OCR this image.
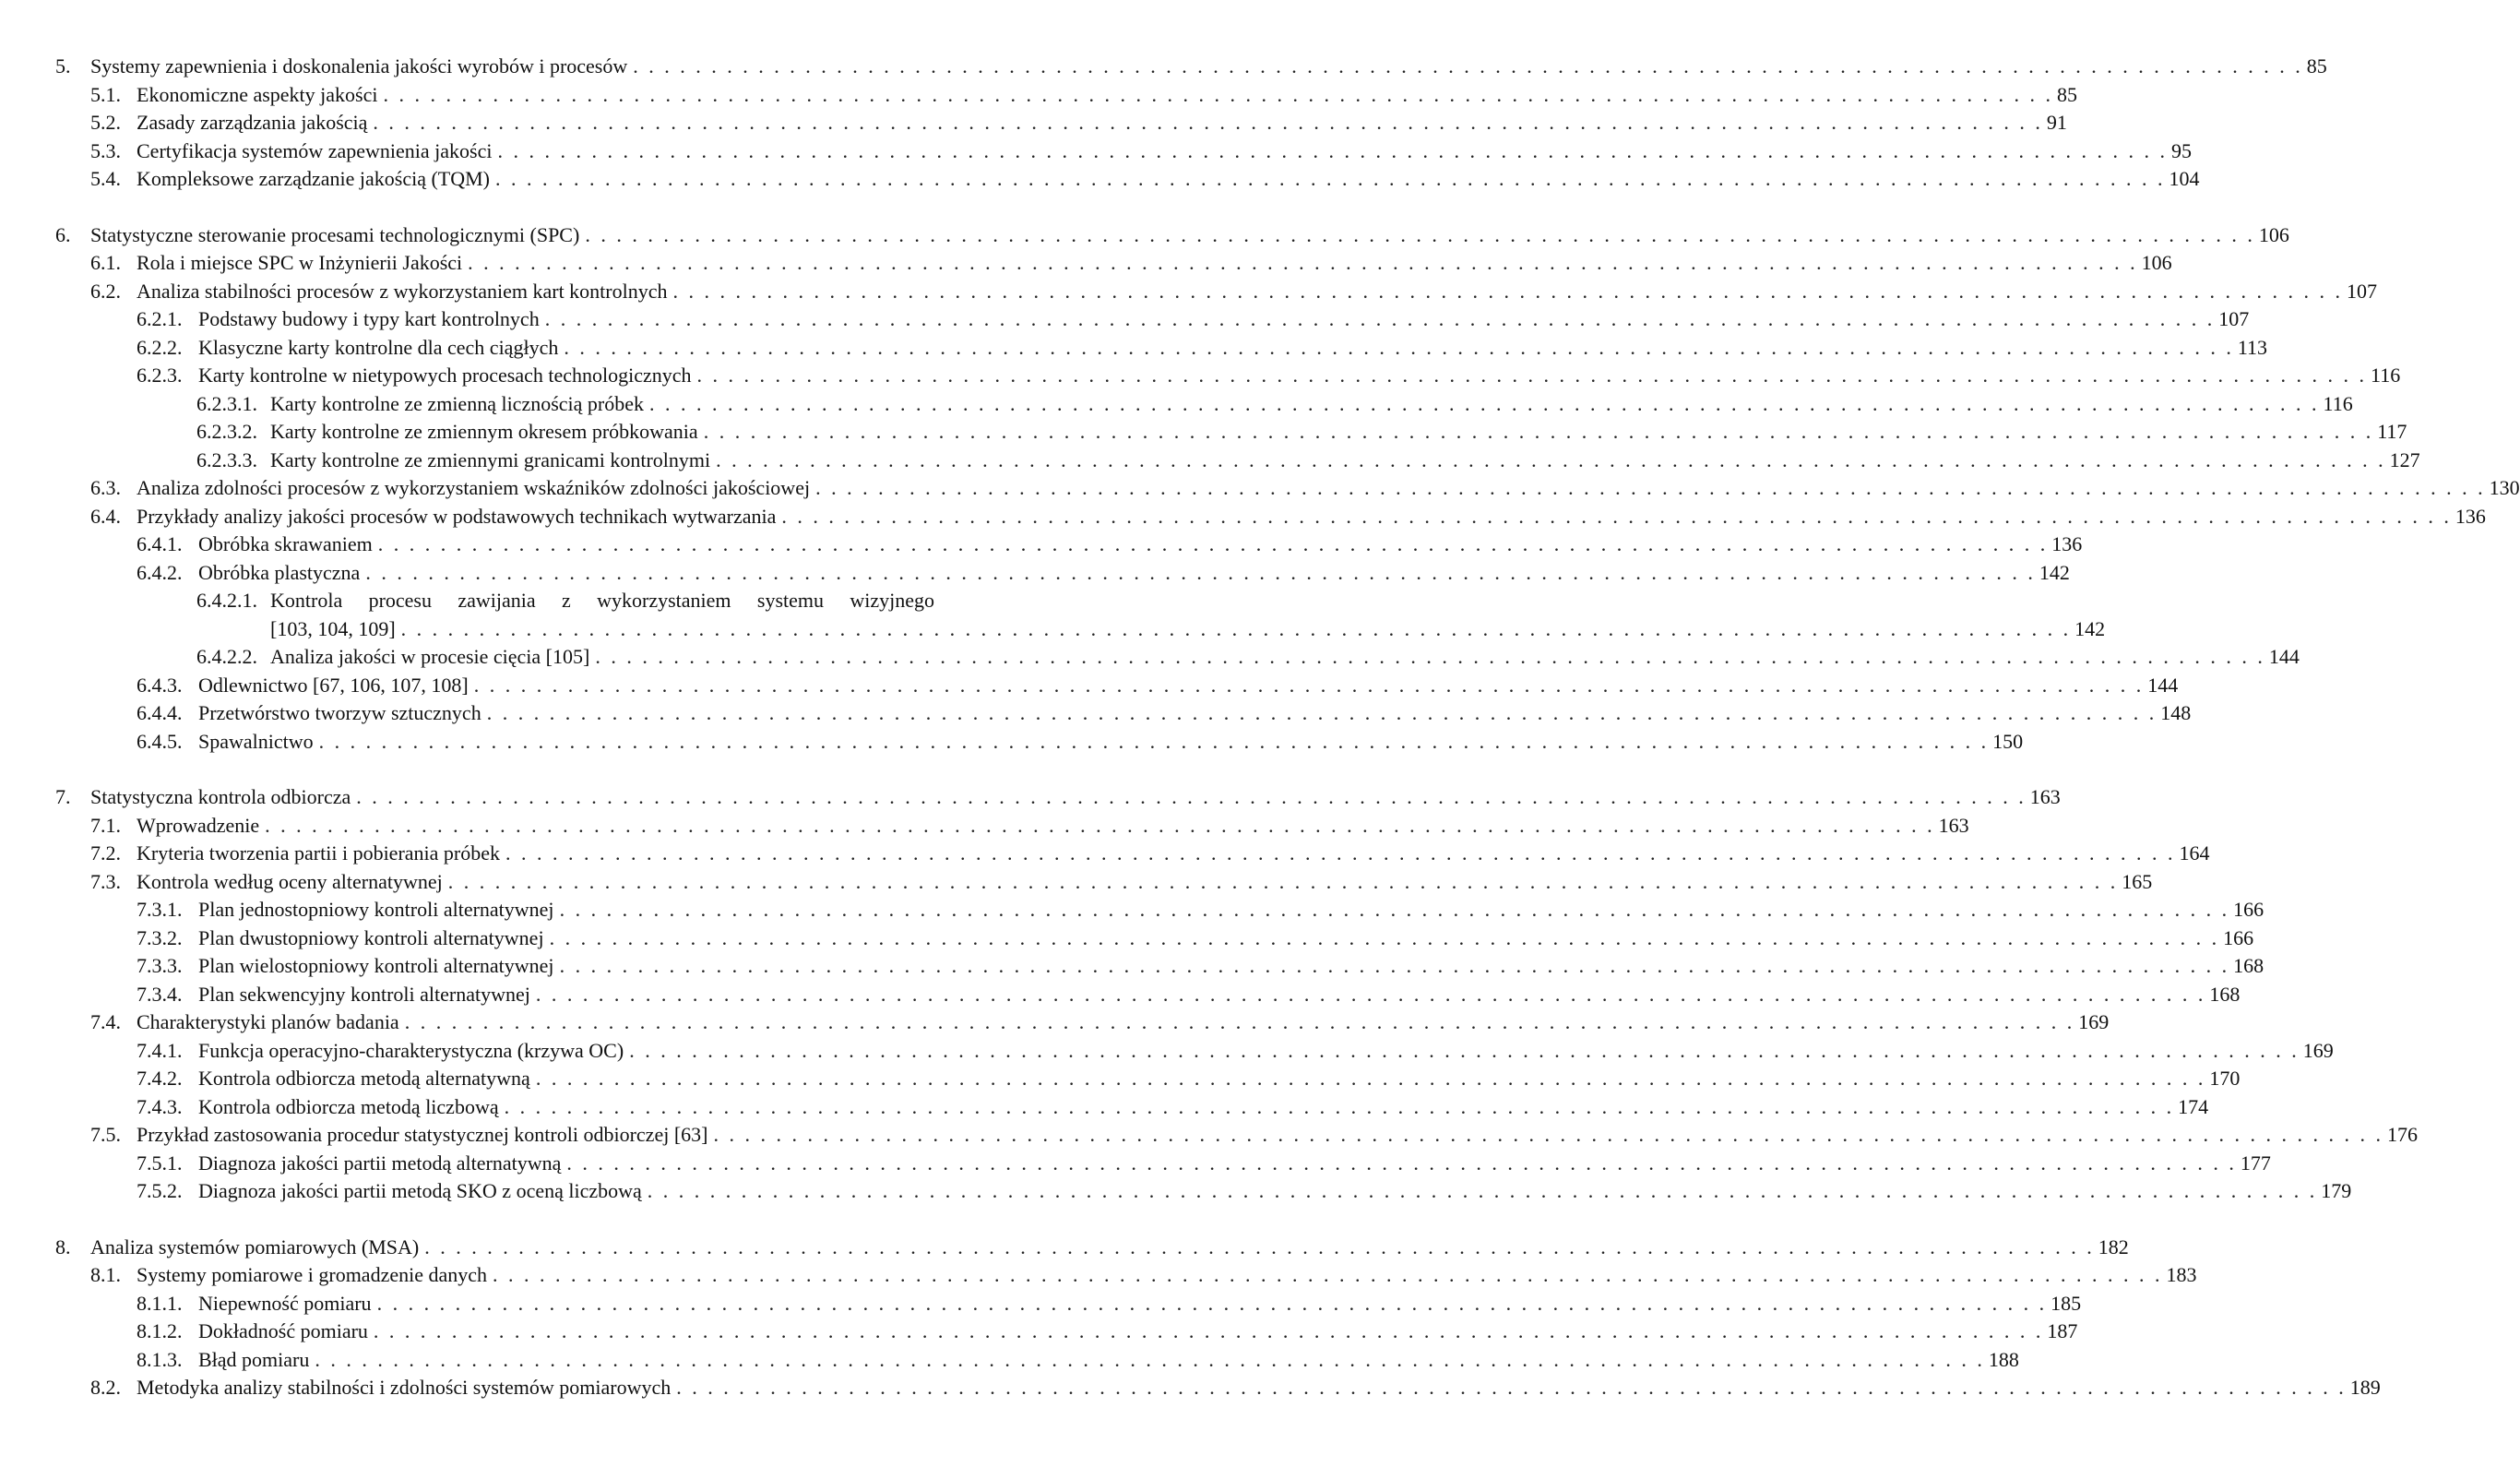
5. Systemy zapewnienia i doskonalenia jakości wyrobów i procesów . . . . . . . . . . . . . . . . . . . . . . . . . . . . . . . . . . . . . . . . . . . . . . . . . . . . . . . . . . . . . . . . . . . . . . . . . . . . . . . . . . . . . . . . . . . . . . . . . . . . . . . . . . . 85
5.1. Ekonomiczne aspekty jakości . . . . . . . . . . . . . . . . . . . . . . . . . . . . . . . . . . . . . . . . . . . . . . . . . . . . . . . . . . . . . . . . . . . . . . . . . . . . . . . . . . . . . . . . . . . . . . . . . . . . . . . . . . . 85
5.2. Zasady zarządzania jakością . . . . . . . . . . . . . . . . . . . . . . . . . . . . . . . . . . . . . . . . . . . . . . . . . . . . . . . . . . . . . . . . . . . . . . . . . . . . . . . . . . . . . . . . . . . . . . . . . . . . . . . . . . . 91
5.3. Certyfikacja systemów zapewnienia jakości . . . . . . . . . . . . . . . . . . . . . . . . . . . . . . . . . . . . . . . . . . . . . . . . . . . . . . . . . . . . . . . . . . . . . . . . . . . . . . . . . . . . . . . . . . . . . . . . . . . . . . . . . . . 95
5.4. Kompleksowe zarządzanie jakością (TQM) . . . . . . . . . . . . . . . . . . . . . . . . . . . . . . . . . . . . . . . . . . . . . . . . . . . . . . . . . . . . . . . . . . . . . . . . . . . . . . . . . . . . . . . . . . . . . . . . . . . . . . . . . . . 104
6. Statystyczne sterowanie procesami technologicznymi (SPC) . . . . . . . . . . . . . . . . . . . . . . . . . . . . . . . . . . . . . . . . . . . . . . . . . . . . . . . . . . . . . . . . . . . . . . . . . . . . . . . . . . . . . . . . . . . . . . . . . . . . . . . . . . . 106
6.1. Rola i miejsce SPC w Inżynierii Jakości . . . . . . . . . . . . . . . . . . . . . . . . . . . . . . . . . . . . . . . . . . . . . . . . . . . . . . . . . . . . . . . . . . . . . . . . . . . . . . . . . . . . . . . . . . . . . . . . . . . . . . . . . . . 106
6.2. Analiza stabilności procesów z wykorzystaniem kart kontrolnych . . . . . . . . . . . . . . . . . . . . . . . . . . . . . . . . . . . . . . . . . . . . . . . . . . . . . . . . . . . . . . . . . . . . . . . . . . . . . . . . . . . . . . . . . . . . . . . . . . . . . . . . . . . 107
6.2.1. Podstawy budowy i typy kart kontrolnych . . . . . . . . . . . . . . . . . . . . . . . . . . . . . . . . . . . . . . . . . . . . . . . . . . . . . . . . . . . . . . . . . . . . . . . . . . . . . . . . . . . . . . . . . . . . . . . . . . . . . . . . . . . 107
6.2.2. Klasyczne karty kontrolne dla cech ciągłych . . . . . . . . . . . . . . . . . . . . . . . . . . . . . . . . . . . . . . . . . . . . . . . . . . . . . . . . . . . . . . . . . . . . . . . . . . . . . . . . . . . . . . . . . . . . . . . . . . . . . . . . . . . 113
6.2.3. Karty kontrolne w nietypowych procesach technologicznych . . . . . . . . . . . . . . . . . . . . . . . . . . . . . . . . . . . . . . . . . . . . . . . . . . . . . . . . . . . . . . . . . . . . . . . . . . . . . . . . . . . . . . . . . . . . . . . . . . . . . . . . . . . 116
6.2.3.1. Karty kontrolne ze zmienną licznością próbek . . . . . . . . . . . . . . . . . . . . . . . . . . . . . . . . . . . . . . . . . . . . . . . . . . . . . . . . . . . . . . . . . . . . . . . . . . . . . . . . . . . . . . . . . . . . . . . . . . . . . . . . . . . 116
6.2.3.2. Karty kontrolne ze zmiennym okresem próbkowania . . . . . . . . . . . . . . . . . . . . . . . . . . . . . . . . . . . . . . . . . . . . . . . . . . . . . . . . . . . . . . . . . . . . . . . . . . . . . . . . . . . . . . . . . . . . . . . . . . . . . . . . . . . 117
6.2.3.3. Karty kontrolne ze zmiennymi granicami kontrolnymi . . . . . . . . . . . . . . . . . . . . . . . . . . . . . . . . . . . . . . . . . . . . . . . . . . . . . . . . . . . . . . . . . . . . . . . . . . . . . . . . . . . . . . . . . . . . . . . . . . . . . . . . . . . 127
6.3. Analiza zdolności procesów z wykorzystaniem wskaźników zdolności jakościowej . . . . . . . . . . . . . . . . . . . . . . . . . . . . . . . . . . . . . . . . . . . . . . . . . . . . . . . . . . . . . . . . . . . . . . . . . . . . . . . . . . . . . . . . . . . . . . . . . . . . . . . . . . . 130
6.4. Przykłady analizy jakości procesów w podstawowych technikach wytwarzania . . . . . . . . . . . . . . . . . . . . . . . . . . . . . . . . . . . . . . . . . . . . . . . . . . . . . . . . . . . . . . . . . . . . . . . . . . . . . . . . . . . . . . . . . . . . . . . . . . . . . . . . . . . 136
6.4.1. Obróbka skrawaniem . . . . . . . . . . . . . . . . . . . . . . . . . . . . . . . . . . . . . . . . . . . . . . . . . . . . . . . . . . . . . . . . . . . . . . . . . . . . . . . . . . . . . . . . . . . . . . . . . . . . . . . . . . . 136
6.4.2. Obróbka plastyczna . . . . . . . . . . . . . . . . . . . . . . . . . . . . . . . . . . . . . . . . . . . . . . . . . . . . . . . . . . . . . . . . . . . . . . . . . . . . . . . . . . . . . . . . . . . . . . . . . . . . . . . . . . . 142
6.4.2.1. Kontrola procesu zawijania z wykorzystaniem systemu wizyjnego
[103, 104, 109] . . . . . . . . . . . . . . . . . . . . . . . . . . . . . . . . . . . . . . . . . . . . . . . . . . . . . . . . . . . . . . . . . . . . . . . . . . . . . . . . . . . . . . . . . . . . . . . . . . . . . . . . . . . 142
6.4.2.2. Analiza jakości w procesie cięcia [105] . . . . . . . . . . . . . . . . . . . . . . . . . . . . . . . . . . . . . . . . . . . . . . . . . . . . . . . . . . . . . . . . . . . . . . . . . . . . . . . . . . . . . . . . . . . . . . . . . . . . . . . . . . . 144
6.4.3. Odlewnictwo [67, 106, 107, 108] . . . . . . . . . . . . . . . . . . . . . . . . . . . . . . . . . . . . . . . . . . . . . . . . . . . . . . . . . . . . . . . . . . . . . . . . . . . . . . . . . . . . . . . . . . . . . . . . . . . . . . . . . . . 144
6.4.4. Przetwórstwo tworzyw sztucznych . . . . . . . . . . . . . . . . . . . . . . . . . . . . . . . . . . . . . . . . . . . . . . . . . . . . . . . . . . . . . . . . . . . . . . . . . . . . . . . . . . . . . . . . . . . . . . . . . . . . . . . . . . . 148
6.4.5. Spawalnictwo . . . . . . . . . . . . . . . . . . . . . . . . . . . . . . . . . . . . . . . . . . . . . . . . . . . . . . . . . . . . . . . . . . . . . . . . . . . . . . . . . . . . . . . . . . . . . . . . . . . . . . . . . . . 150
7. Statystyczna kontrola odbiorcza . . . . . . . . . . . . . . . . . . . . . . . . . . . . . . . . . . . . . . . . . . . . . . . . . . . . . . . . . . . . . . . . . . . . . . . . . . . . . . . . . . . . . . . . . . . . . . . . . . . . . . . . . . . 163
7.1. Wprowadzenie . . . . . . . . . . . . . . . . . . . . . . . . . . . . . . . . . . . . . . . . . . . . . . . . . . . . . . . . . . . . . . . . . . . . . . . . . . . . . . . . . . . . . . . . . . . . . . . . . . . . . . . . . . . 163
7.2. Kryteria tworzenia partii i pobierania próbek . . . . . . . . . . . . . . . . . . . . . . . . . . . . . . . . . . . . . . . . . . . . . . . . . . . . . . . . . . . . . . . . . . . . . . . . . . . . . . . . . . . . . . . . . . . . . . . . . . . . . . . . . . . 164
7.3. Kontrola według oceny alternatywnej . . . . . . . . . . . . . . . . . . . . . . . . . . . . . . . . . . . . . . . . . . . . . . . . . . . . . . . . . . . . . . . . . . . . . . . . . . . . . . . . . . . . . . . . . . . . . . . . . . . . . . . . . . . 165
7.3.1. Plan jednostopniowy kontroli alternatywnej . . . . . . . . . . . . . . . . . . . . . . . . . . . . . . . . . . . . . . . . . . . . . . . . . . . . . . . . . . . . . . . . . . . . . . . . . . . . . . . . . . . . . . . . . . . . . . . . . . . . . . . . . . . 166
7.3.2. Plan dwustopniowy kontroli alternatywnej . . . . . . . . . . . . . . . . . . . . . . . . . . . . . . . . . . . . . . . . . . . . . . . . . . . . . . . . . . . . . . . . . . . . . . . . . . . . . . . . . . . . . . . . . . . . . . . . . . . . . . . . . . . 166
7.3.3. Plan wielostopniowy kontroli alternatywnej . . . . . . . . . . . . . . . . . . . . . . . . . . . . . . . . . . . . . . . . . . . . . . . . . . . . . . . . . . . . . . . . . . . . . . . . . . . . . . . . . . . . . . . . . . . . . . . . . . . . . . . . . . . 168
7.3.4. Plan sekwencyjny kontroli alternatywnej . . . . . . . . . . . . . . . . . . . . . . . . . . . . . . . . . . . . . . . . . . . . . . . . . . . . . . . . . . . . . . . . . . . . . . . . . . . . . . . . . . . . . . . . . . . . . . . . . . . . . . . . . . . 168
7.4. Charakterystyki planów badania . . . . . . . . . . . . . . . . . . . . . . . . . . . . . . . . . . . . . . . . . . . . . . . . . . . . . . . . . . . . . . . . . . . . . . . . . . . . . . . . . . . . . . . . . . . . . . . . . . . . . . . . . . . 169
7.4.1. Funkcja operacyjno-charakterystyczna (krzywa OC) . . . . . . . . . . . . . . . . . . . . . . . . . . . . . . . . . . . . . . . . . . . . . . . . . . . . . . . . . . . . . . . . . . . . . . . . . . . . . . . . . . . . . . . . . . . . . . . . . . . . . . . . . . . 169
7.4.2. Kontrola odbiorcza metodą alternatywną . . . . . . . . . . . . . . . . . . . . . . . . . . . . . . . . . . . . . . . . . . . . . . . . . . . . . . . . . . . . . . . . . . . . . . . . . . . . . . . . . . . . . . . . . . . . . . . . . . . . . . . . . . . 170
7.4.3. Kontrola odbiorcza metodą liczbową . . . . . . . . . . . . . . . . . . . . . . . . . . . . . . . . . . . . . . . . . . . . . . . . . . . . . . . . . . . . . . . . . . . . . . . . . . . . . . . . . . . . . . . . . . . . . . . . . . . . . . . . . . . 174
7.5. Przykład zastosowania procedur statystycznej kontroli odbiorczej [63] . . . . . . . . . . . . . . . . . . . . . . . . . . . . . . . . . . . . . . . . . . . . . . . . . . . . . . . . . . . . . . . . . . . . . . . . . . . . . . . . . . . . . . . . . . . . . . . . . . . . . . . . . . . 176
7.5.1. Diagnoza jakości partii metodą alternatywną . . . . . . . . . . . . . . . . . . . . . . . . . . . . . . . . . . . . . . . . . . . . . . . . . . . . . . . . . . . . . . . . . . . . . . . . . . . . . . . . . . . . . . . . . . . . . . . . . . . . . . . . . . . 177
7.5.2. Diagnoza jakości partii metodą SKO z oceną liczbową . . . . . . . . . . . . . . . . . . . . . . . . . . . . . . . . . . . . . . . . . . . . . . . . . . . . . . . . . . . . . . . . . . . . . . . . . . . . . . . . . . . . . . . . . . . . . . . . . . . . . . . . . . . 179
8. Analiza systemów pomiarowych (MSA) . . . . . . . . . . . . . . . . . . . . . . . . . . . . . . . . . . . . . . . . . . . . . . . . . . . . . . . . . . . . . . . . . . . . . . . . . . . . . . . . . . . . . . . . . . . . . . . . . . . . . . . . . . . 182
8.1. Systemy pomiarowe i gromadzenie danych . . . . . . . . . . . . . . . . . . . . . . . . . . . . . . . . . . . . . . . . . . . . . . . . . . . . . . . . . . . . . . . . . . . . . . . . . . . . . . . . . . . . . . . . . . . . . . . . . . . . . . . . . . . 183
8.1.1. Niepewność pomiaru . . . . . . . . . . . . . . . . . . . . . . . . . . . . . . . . . . . . . . . . . . . . . . . . . . . . . . . . . . . . . . . . . . . . . . . . . . . . . . . . . . . . . . . . . . . . . . . . . . . . . . . . . . . 185
8.1.2. Dokładność pomiaru . . . . . . . . . . . . . . . . . . . . . . . . . . . . . . . . . . . . . . . . . . . . . . . . . . . . . . . . . . . . . . . . . . . . . . . . . . . . . . . . . . . . . . . . . . . . . . . . . . . . . . . . . . . 187
8.1.3. Błąd pomiaru . . . . . . . . . . . . . . . . . . . . . . . . . . . . . . . . . . . . . . . . . . . . . . . . . . . . . . . . . . . . . . . . . . . . . . . . . . . . . . . . . . . . . . . . . . . . . . . . . . . . . . . . . . . 188
8.2. Metodyka analizy stabilności i zdolności systemów pomiarowych . . . . . . . . . . . . . . . . . . . . . . . . . . . . . . . . . . . . . . . . . . . . . . . . . . . . . . . . . . . . . . . . . . . . . . . . . . . . . . . . . . . . . . . . . . . . . . . . . . . . . . . . . . . 189
